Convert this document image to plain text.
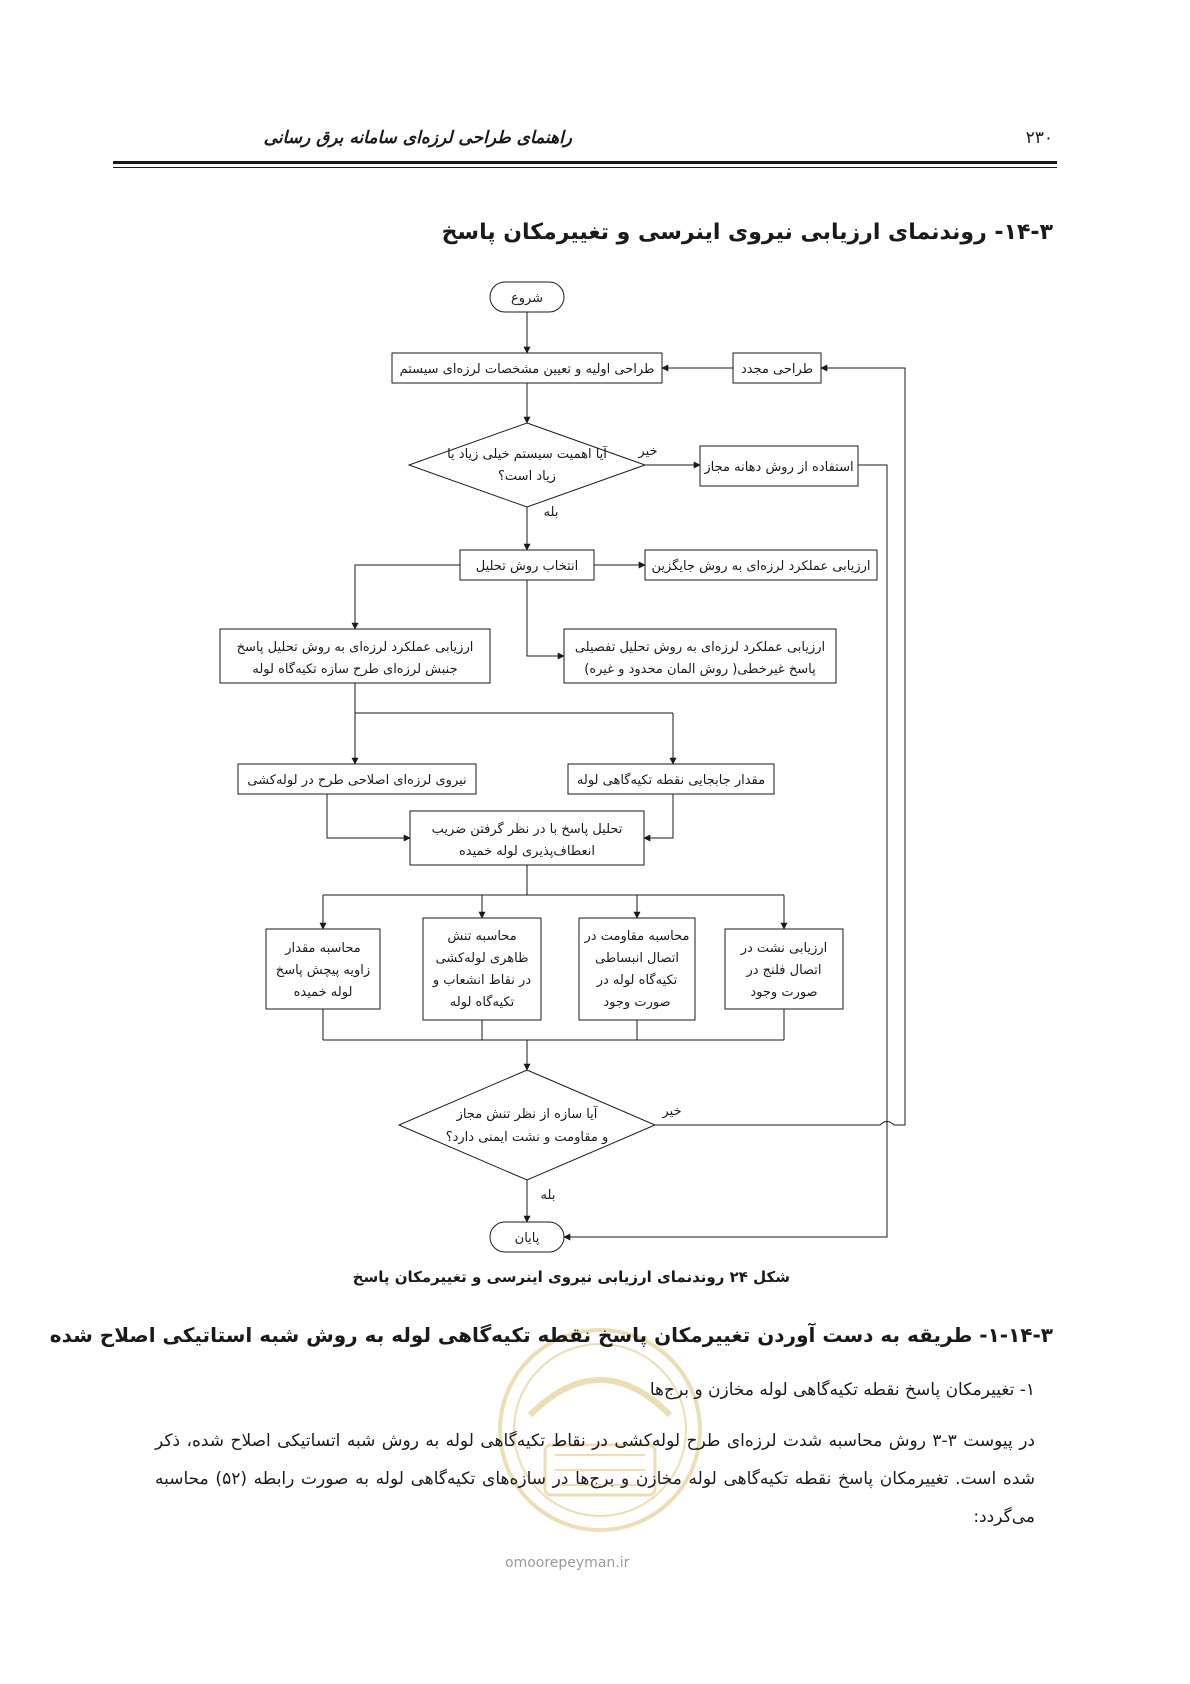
راهنمای طراحی لرزه‌ای سامانه برق رسانی	۲۳۰
۱۴-۳- روندنمای ارزیابی نیروی اینرسی و تغییرمکان پاسخ
شروع
طراحی اولیه و تعیین مشخصات لرزه‌ای سیستم	طراحی مجدد
آیا اهمیت سیستم خیلی زیاد یا
زیاد است؟
خیر
بله
استفاده از روش دهانه مجاز
انتخاب روش تحلیل	ارزیابی عملکرد لرزه‌ای به روش جایگزین
ارزیابی عملکرد لرزه‌ای به روش تحلیل پاسخ
جنبش لرزه‌ای طرح سازه تکیه‌گاه لوله
ارزیابی عملکرد لرزه‌ای به روش تحلیل تفصیلی
پاسخ غیرخطی( روش المان محدود و غیره)
نیروی لرزه‌ای اصلاحی طرح در لوله‌کشی	مقدار جابجایی نقطه تکیه‌گاهی لوله
تحلیل پاسخ با در نظر گرفتن ضریب
انعطاف‌پذیری لوله خمیده
محاسبه مقدار
زاویه پیچش پاسخ
لوله خمیده
محاسبه تنش
ظاهری لوله‌کشی
در نقاط انشعاب و
تکیه‌گاه لوله
محاسبه مقاومت در
اتصال انبساطی
تکیه‌گاه لوله در
صورت وجود
ارزیابی نشت در
اتصال فلنج در
صورت وجود
آیا سازه از نظر تنش مجاز
و مقاومت و نشت ایمنی دارد؟
خیر
بله
پایان
شکل ۲۴ روندنمای ارزیابی نیروی اینرسی و تغییرمکان پاسخ
omoorepeyman.ir
۱-۱۴-۳- طریقه به دست آوردن تغییرمکان پاسخ نقطه تکیه‌گاهی لوله به روش شبه استاتیکی اصلاح شده
۱- تغییرمکان پاسخ نقطه تکیه‌گاهی لوله مخازن و برج‌ها
در پیوست ۳-۳ روش محاسبه شدت لرزه‌ای طرح لوله‌کشی در نقاط تکیه‌گاهی لوله به روش شبه اتساتیکی اصلاح شده، ذکر شده است. تغییرمکان پاسخ نقطه تکیه‌گاهی لوله مخازن و برج‌ها در سازه‌های تکیه‌گاهی لوله به صورت رابطه (۵۲) محاسبه می‌گردد:
